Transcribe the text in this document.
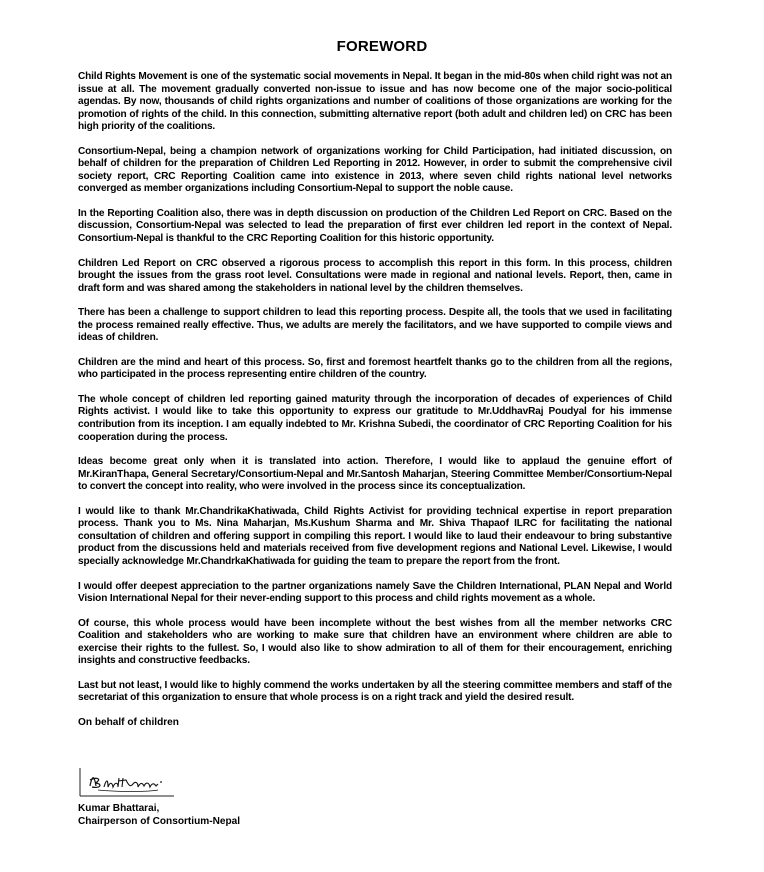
FOREWORD

Child Rights Movement is one of the systematic social movements in Nepal. It began in the mid-80s when child right was not an issue at all. The movement gradually converted non-issue to issue and has now become one of the major socio-political agendas. By now, thousands of child rights organizations and number of coalitions of those organizations are working for the promotion of rights of the child. In this connection, submitting alternative report (both adult and children led) on CRC has been high priority of the coalitions.

Consortium-Nepal, being a champion network of organizations working for Child Participation, had initiated discussion, on behalf of children for the preparation of Children Led Reporting in 2012. However, in order to submit the comprehensive civil society report, CRC Reporting Coalition came into existence in 2013, where seven child rights national level networks converged as member organizations including Consortium-Nepal to support the noble cause.

In the Reporting Coalition also, there was in depth discussion on production of the Children Led Report on CRC. Based on the discussion, Consortium-Nepal was selected to lead the preparation of first ever children led report in the context of Nepal. Consortium-Nepal is thankful to the CRC Reporting Coalition for this historic opportunity.

Children Led Report on CRC observed a rigorous process to accomplish this report in this form. In this process, children brought the issues from the grass root level. Consultations were made in regional and national levels. Report, then, came in draft form and was shared among the stakeholders in national level by the children themselves.

There has been a challenge to support children to lead this reporting process. Despite all, the tools that we used in facilitating the process remained really effective. Thus, we adults are merely the facilitators, and we have supported to compile views and ideas of children.

Children are the mind and heart of this process. So, first and foremost heartfelt thanks go to the children from all the regions, who participated in the process representing entire children of the country.

The whole concept of children led reporting gained maturity through the incorporation of decades of experiences of Child Rights activist. I would like to take this opportunity to express our gratitude to Mr.UddhavRaj Poudyal for his immense contribution from its inception. I am equally indebted to Mr. Krishna Subedi, the coordinator of CRC Reporting Coalition for his cooperation during the process.

Ideas become great only when it is translated into action. Therefore, I would like to applaud the genuine effort of Mr.KiranThapa, General Secretary/Consortium-Nepal and Mr.Santosh Maharjan, Steering Committee Member/Consortium-Nepal to convert the concept into reality, who were involved in the process since its conceptualization.

I would like to thank Mr.ChandrikaKhatiwada, Child Rights Activist for providing technical expertise in report preparation process. Thank you to Ms. Nina Maharjan, Ms.Kushum Sharma and Mr. Shiva Thapaof ILRC for facilitating the national consultation of children and offering support in compiling this report. I would like to laud their endeavour to bring substantive product from the discussions held and materials received from five development regions and National Level. Likewise, I would specially acknowledge Mr.ChandrkaKhatiwada for guiding the team to prepare the report from the front.

I would offer deepest appreciation to the partner organizations namely Save the Children International, PLAN Nepal and World Vision International Nepal for their never-ending support to this process and child rights movement as a whole.

Of course, this whole process would have been incomplete without the best wishes from all the member networks CRC Coalition and stakeholders who are working to make sure that children have an environment where children are able to exercise their rights to the fullest. So, I would also like to show admiration to all of them for their encouragement, enriching insights and constructive feedbacks.

Last but not least, I would like to highly commend the works undertaken by all the steering committee members and staff of the secretariat of this organization to ensure that whole process is on a right track and yield the desired result.

On behalf of children
Kumar Bhattarai,
Chairperson of Consortium-Nepal
